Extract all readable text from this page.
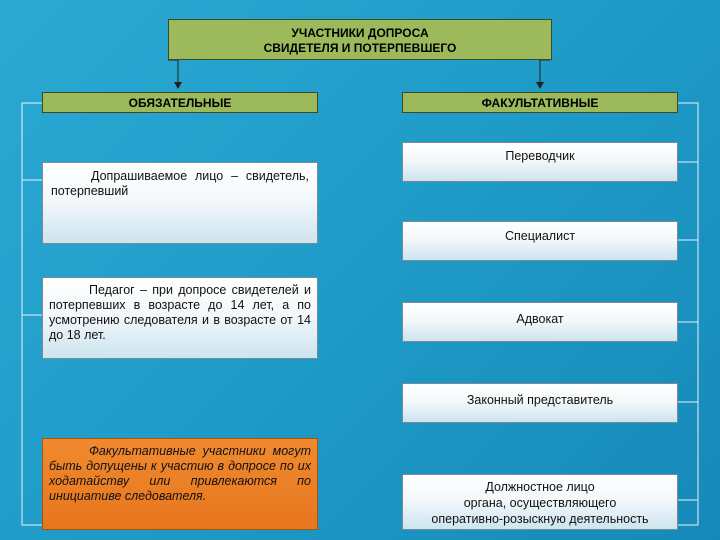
УЧАСТНИКИ ДОПРОСА
СВИДЕТЕЛЯ И ПОТЕРПЕВШЕГО
ОБЯЗАТЕЛЬНЫЕ	ФАКУЛЬТАТИВНЫЕ
Допрашиваемое лицо – свидетель, потерпевший
Педагог – при допросе свидетелей и потерпевших в возрасте до 14 лет, а по усмотрению следователя и в возрасте от 14 до 18 лет.
Факультативные участники могут быть допущены к участию в допросе по их ходатайству или привлекаются по инициативе следователя.
Переводчик
Специалист
Адвокат
Законный представитель
Должностное лицо
органа, осуществляющего
оперативно-розыскную деятельность
